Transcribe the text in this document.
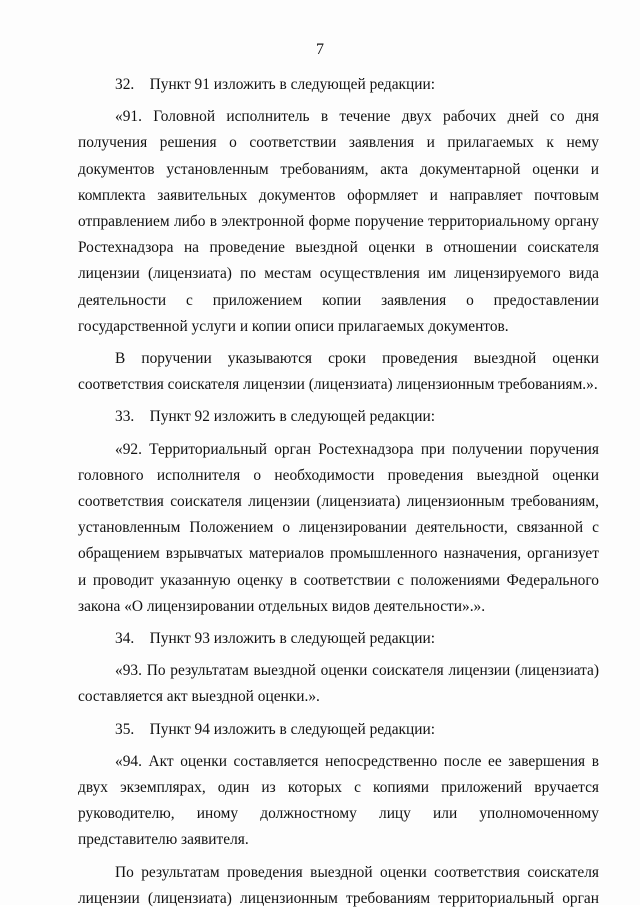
7

32.    Пункт 91 изложить в следующей редакции:

«91. Головной исполнитель в течение двух рабочих дней со дня получения решения о соответствии заявления и прилагаемых к нему документов установленным требованиям, акта документарной оценки и комплекта заявительных документов оформляет и направляет почтовым отправлением либо в электронной форме поручение территориальному органу Ростехнадзора на проведение выездной оценки в отношении соискателя лицензии (лицензиата) по местам осуществления им лицензируемого вида деятельности с приложением копии заявления о предоставлении государственной услуги и копии описи прилагаемых документов.

В поручении указываются сроки проведения выездной оценки соответствия соискателя лицензии (лицензиата) лицензионным требованиям.».

33.    Пункт 92 изложить в следующей редакции:

«92. Территориальный орган Ростехнадзора при получении поручения головного исполнителя о необходимости проведения выездной оценки соответствия соискателя лицензии (лицензиата) лицензионным требованиям, установленным Положением о лицензировании деятельности, связанной с обращением взрывчатых материалов промышленного назначения, организует и проводит указанную оценку в соответствии с положениями Федерального закона «О лицензировании отдельных видов деятельности».».

34.    Пункт 93 изложить в следующей редакции:

«93. По результатам выездной оценки соискателя лицензии (лицензиата) составляется акт выездной оценки.».

35.    Пункт 94 изложить в следующей редакции:

«94. Акт оценки составляется непосредственно после ее завершения в двух экземплярах, один из которых с копиями приложений вручается руководителю, иному должностному лицу или уполномоченному представителю заявителя.

По результатам проведения выездной оценки соответствия соискателя лицензии (лицензиата) лицензионным требованиям территориальный орган
